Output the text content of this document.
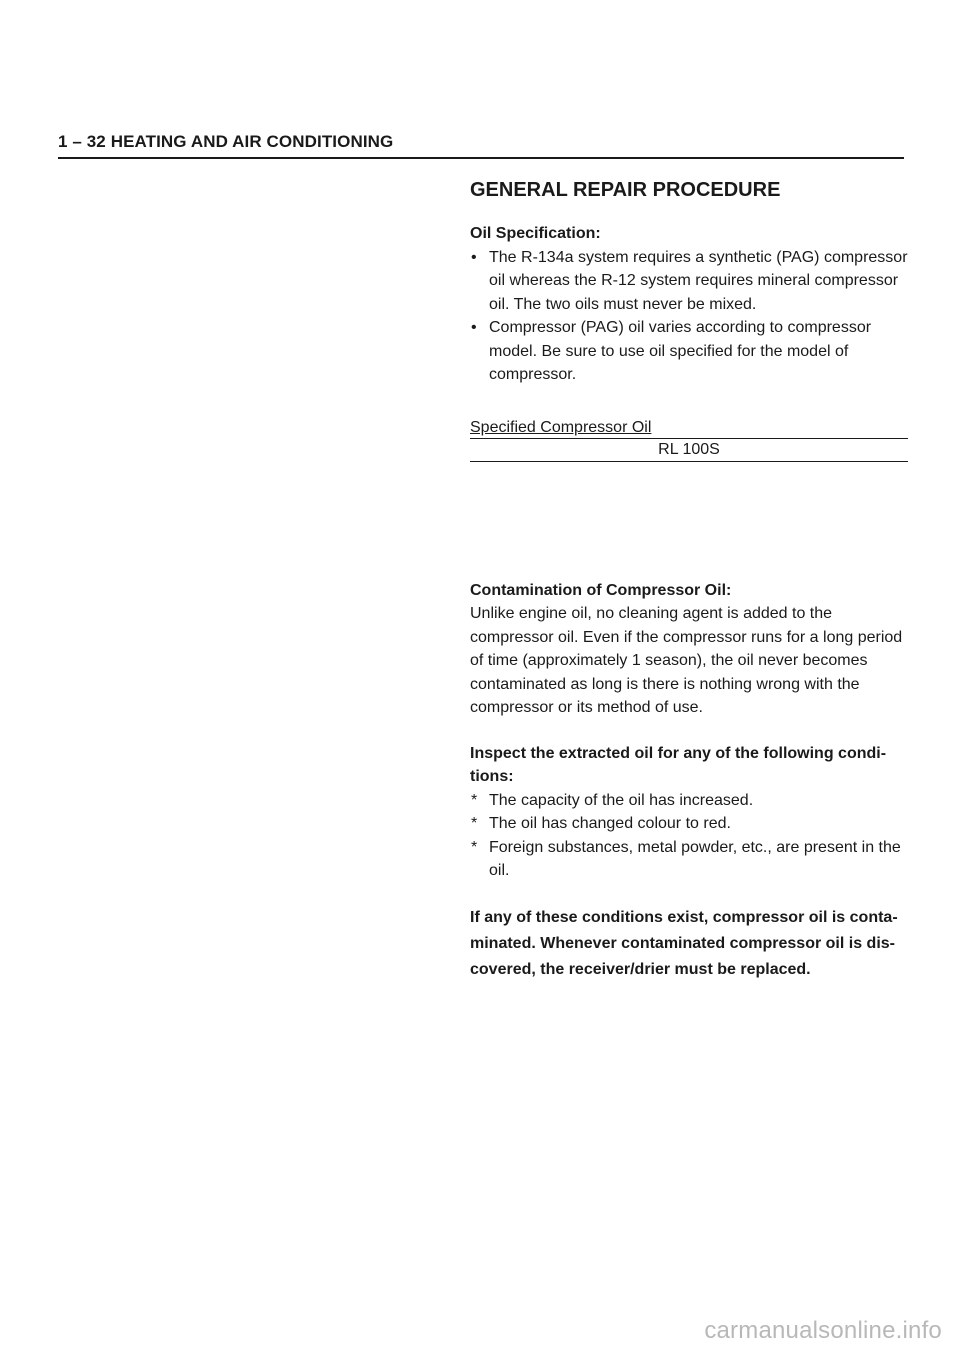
1 – 32 HEATING AND AIR CONDITIONING
GENERAL REPAIR PROCEDURE

Oil Specification:

• The R-134a system requires a synthetic (PAG) compressor oil whereas the R-12 system requires mineral compressor oil. The two oils must never be mixed.
• Compressor (PAG) oil varies according to compressor model. Be sure to use oil specified for the model of compressor.
Specified Compressor Oil
RL 100S

Contamination of Compressor Oil:

Unlike engine oil, no cleaning agent is added to the compressor oil. Even if the compressor runs for a long period of time (approximately 1 season), the oil never becomes contaminated as long is there is nothing wrong with the compressor or its method of use.

Inspect the extracted oil for any of the following conditions:

* The capacity of the oil has increased.
* The oil has changed colour to red.
* Foreign substances, metal powder, etc., are present in the oil.

If any of these conditions exist, compressor oil is contaminated. Whenever contaminated compressor oil is discovered, the receiver/drier must be replaced.

carmanualsonline.info
